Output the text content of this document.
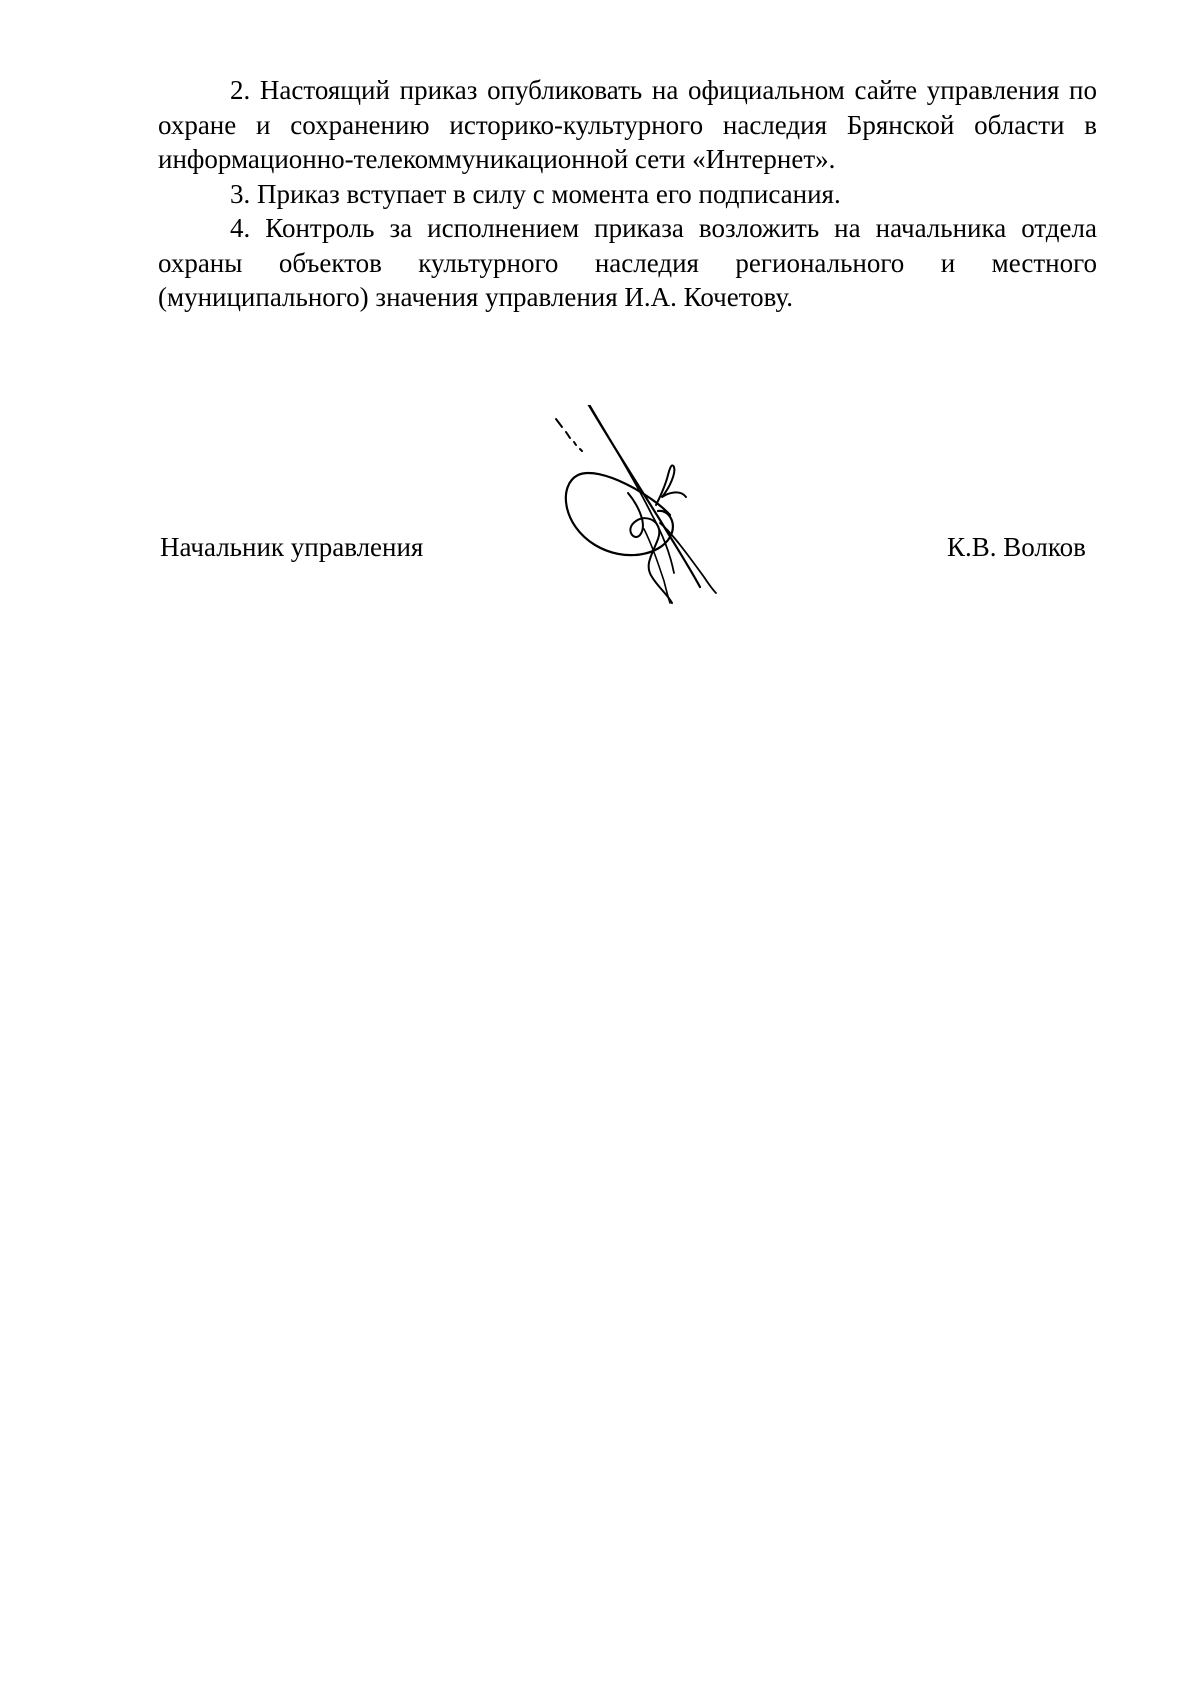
2. Настоящий приказ опубликовать на официальном сайте управления по охране и сохранению историко-культурного наследия Брянской области в информационно-телекоммуникационной сети «Интернет».

3. Приказ вступает в силу с момента его подписания.

4. Контроль за исполнением приказа возложить на начальника отдела охраны объектов культурного наследия регионального и местного (муниципального) значения управления И.А. Кочетову.

Начальник управления	К.В. Волков
